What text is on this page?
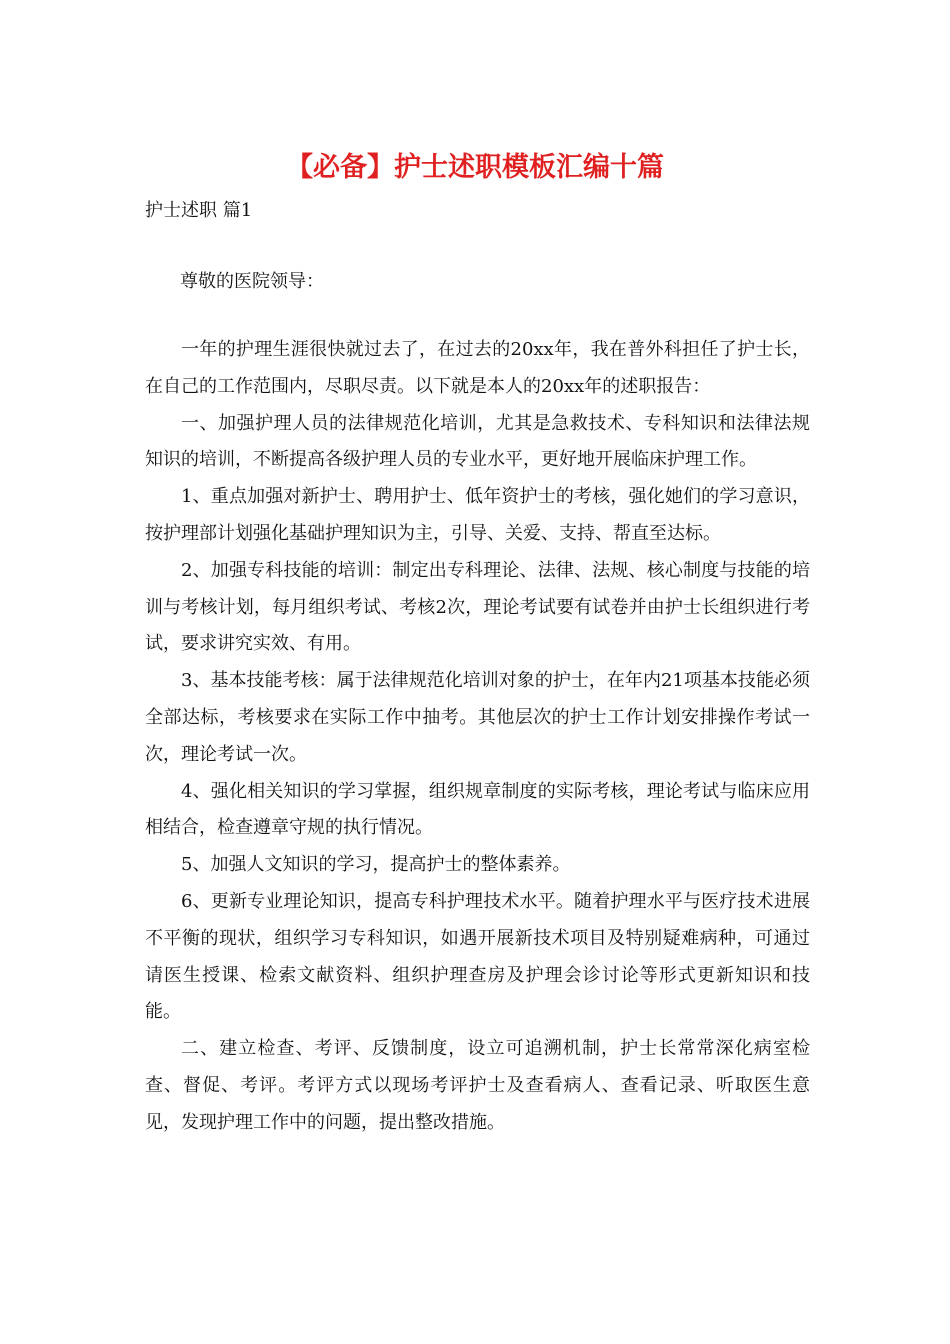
【必备】护士述职模板汇编十篇
护士述职 篇1
尊敬的医院领导：

一年的护理生涯很快就过去了，在过去的20xx年，我在普外科担任了护士长，在自己的工作范围内，尽职尽责。以下就是本人的20xx年的述职报告：

一、加强护理人员的法律规范化培训，尤其是急救技术、专科知识和法律法规知识的培训，不断提高各级护理人员的专业水平，更好地开展临床护理工作。

1、重点加强对新护士、聘用护士、低年资护士的考核，强化她们的学习意识，按护理部计划强化基础护理知识为主，引导、关爱、支持、帮直至达标。

2、加强专科技能的培训：制定出专科理论、法律、法规、核心制度与技能的培训与考核计划，每月组织考试、考核2次，理论考试要有试卷并由护士长组织进行考试，要求讲究实效、有用。

3、基本技能考核：属于法律规范化培训对象的护士，在年内21项基本技能必须全部达标，考核要求在实际工作中抽考。其他层次的护士工作计划安排操作考试一次，理论考试一次。

4、强化相关知识的学习掌握，组织规章制度的实际考核，理论考试与临床应用相结合，检查遵章守规的执行情况。

5、加强人文知识的学习，提高护士的整体素养。

6、更新专业理论知识，提高专科护理技术水平。随着护理水平与医疗技术进展不平衡的现状，组织学习专科知识，如遇开展新技术项目及特别疑难病种，可通过请医生授课、检索文献资料、组织护理查房及护理会诊讨论等形式更新知识和技能。

二、建立检查、考评、反馈制度，设立可追溯机制，护士长常常深化病室检查、督促、考评。考评方式以现场考评护士及查看病人、查看记录、听取医生意见，发现护理工作中的问题，提出整改措施。
